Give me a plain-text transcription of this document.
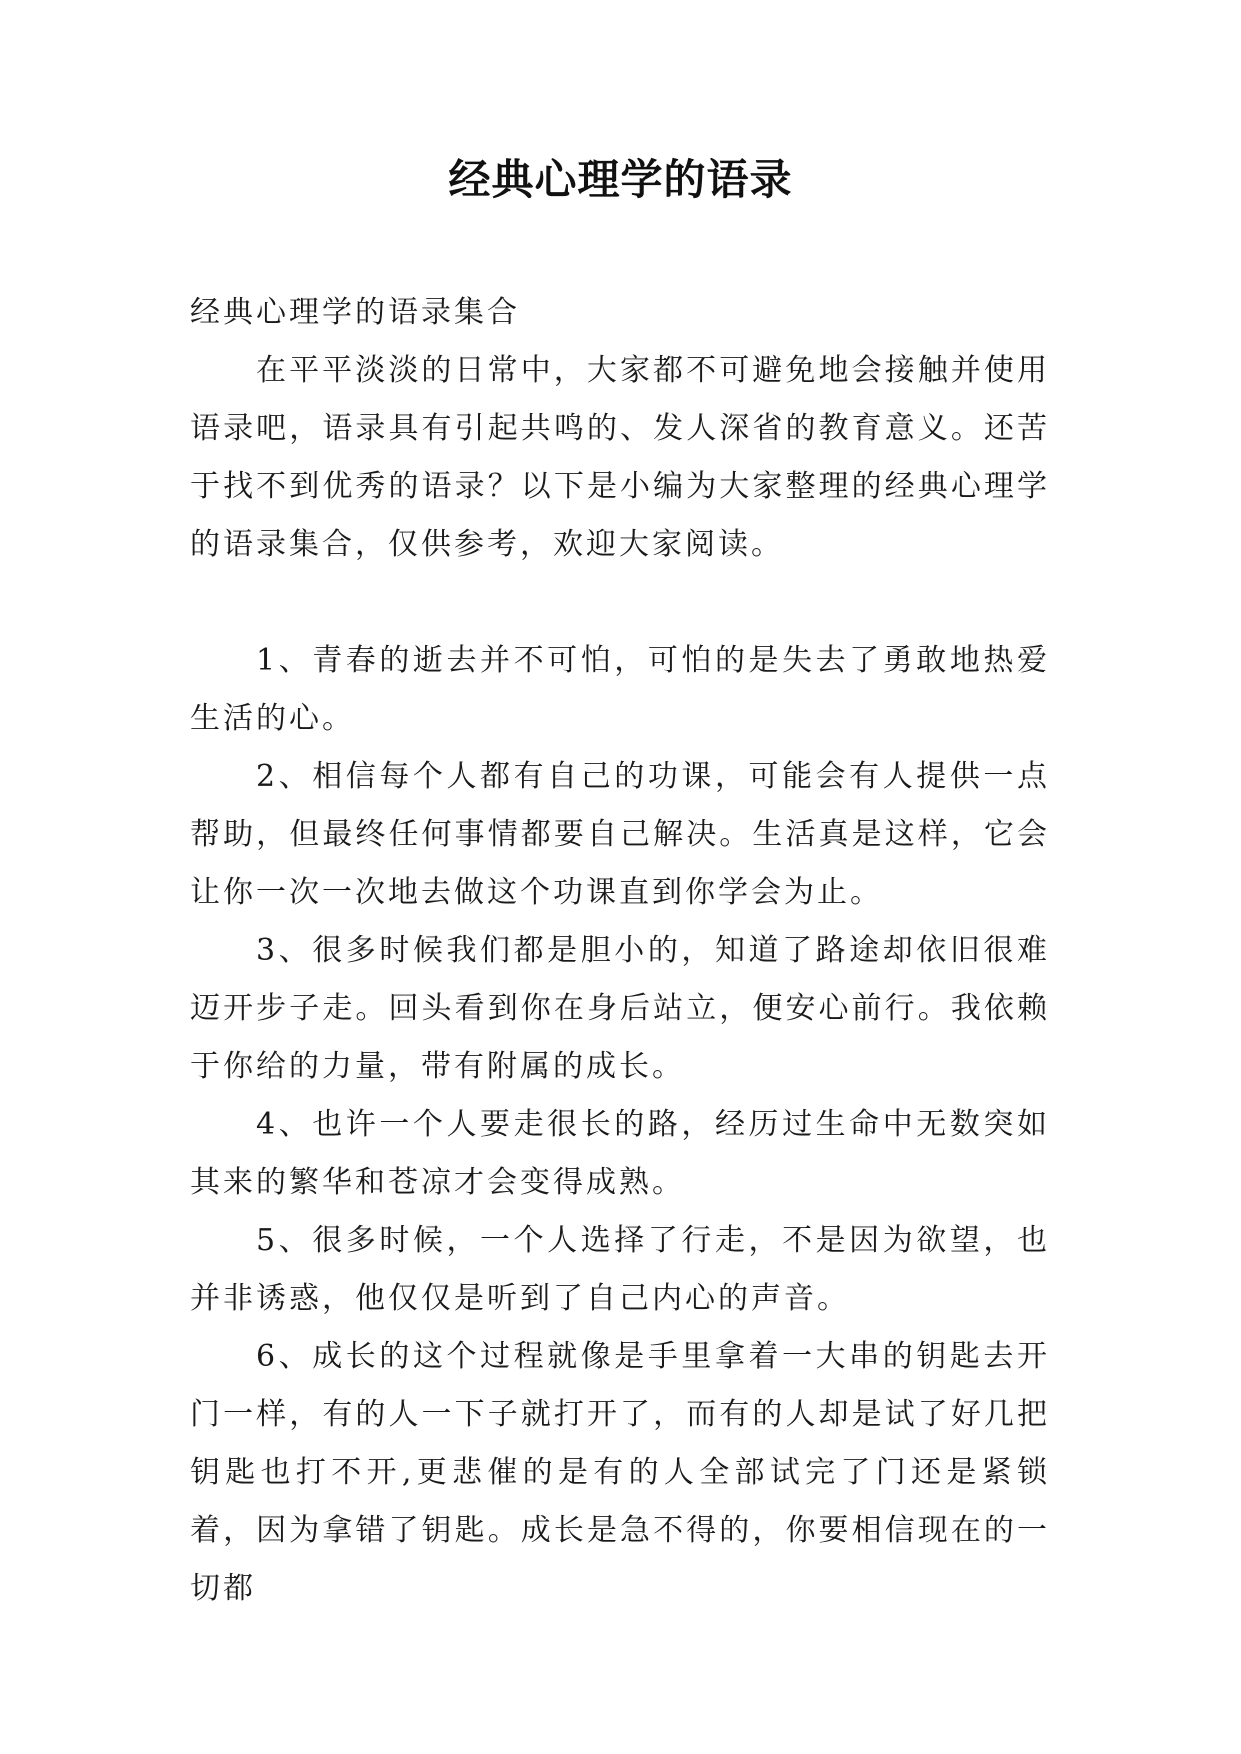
经典心理学的语录

经典心理学的语录集合

在平平淡淡的日常中，大家都不可避免地会接触并使用语录吧，语录具有引起共鸣的、发人深省的教育意义。还苦于找不到优秀的语录？以下是小编为大家整理的经典心理学的语录集合，仅供参考，欢迎大家阅读。

1、青春的逝去并不可怕，可怕的是失去了勇敢地热爱生活的心。

2、相信每个人都有自己的功课，可能会有人提供一点帮助，但最终任何事情都要自己解决。生活真是这样，它会让你一次一次地去做这个功课直到你学会为止。

3、很多时候我们都是胆小的，知道了路途却依旧很难迈开步子走。回头看到你在身后站立，便安心前行。我依赖于你给的力量，带有附属的成长。

4、也许一个人要走很长的路，经历过生命中无数突如其来的繁华和苍凉才会变得成熟。

5、很多时候，一个人选择了行走，不是因为欲望，也并非诱惑，他仅仅是听到了自己内心的声音。

6、成长的这个过程就像是手里拿着一大串的钥匙去开门一样，有的人一下子就打开了，而有的人却是试了好几把钥匙也打不开,更悲催的是有的人全部试完了门还是紧锁着，因为拿错了钥匙。成长是急不得的，你要相信现在的一切都
